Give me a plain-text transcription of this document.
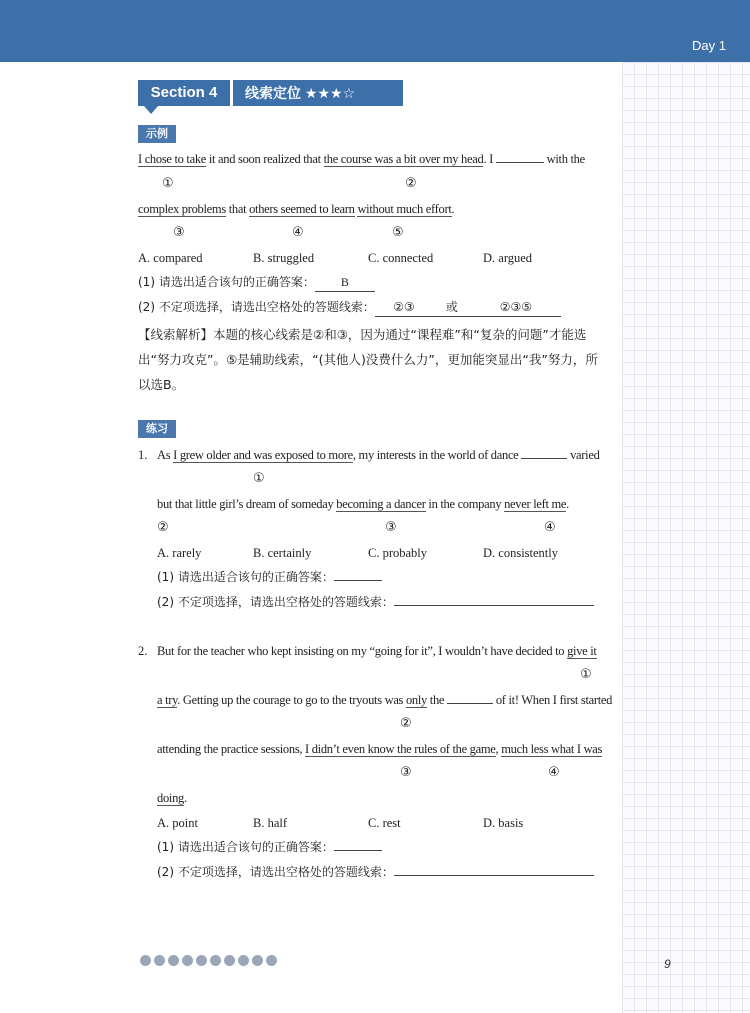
Day 1
Section 4	线索定位 ★★★☆
示例
I chose to take it and soon realized that the course was a bit over my head. I	with the
①	②
complex problems that others seemed to learn without much effort.
③	④	⑤
A. compared	B. struggled	C. connected	D. argued
(1) 请选出适合该句的正确答案： B
(2) 不定项选择，请选出空格处的答题线索： ②③	或	②③⑤
【线索解析】本题的核心线索是②和③，因为通过“课程难”和“复杂的问题”才能选出“努力攻克”。⑤是辅助线索，“(其他人)没费什么力”，更加能突显出“我”努力，所以选B。
练习
1. As I grew older and was exposed to more, my interests in the world of dance	varied
①
but that little girl’s dream of someday becoming a dancer in the company never left me.
②	③	④
A. rarely	B. certainly	C. probably	D. consistently
(1) 请选出适合该句的正确答案：
(2) 不定项选择，请选出空格处的答题线索：
2. But for the teacher who kept insisting on my “going for it”, I wouldn’t have decided to give it
①
a try. Getting up the courage to go to the tryouts was only the	of it! When I first started
②
attending the practice sessions, I didn’t even know the rules of the game, much less what I was
③	④
doing.
A. point	B. half	C. rest	D. basis
(1) 请选出适合该句的正确答案：
(2) 不定项选择，请选出空格处的答题线索：
9
